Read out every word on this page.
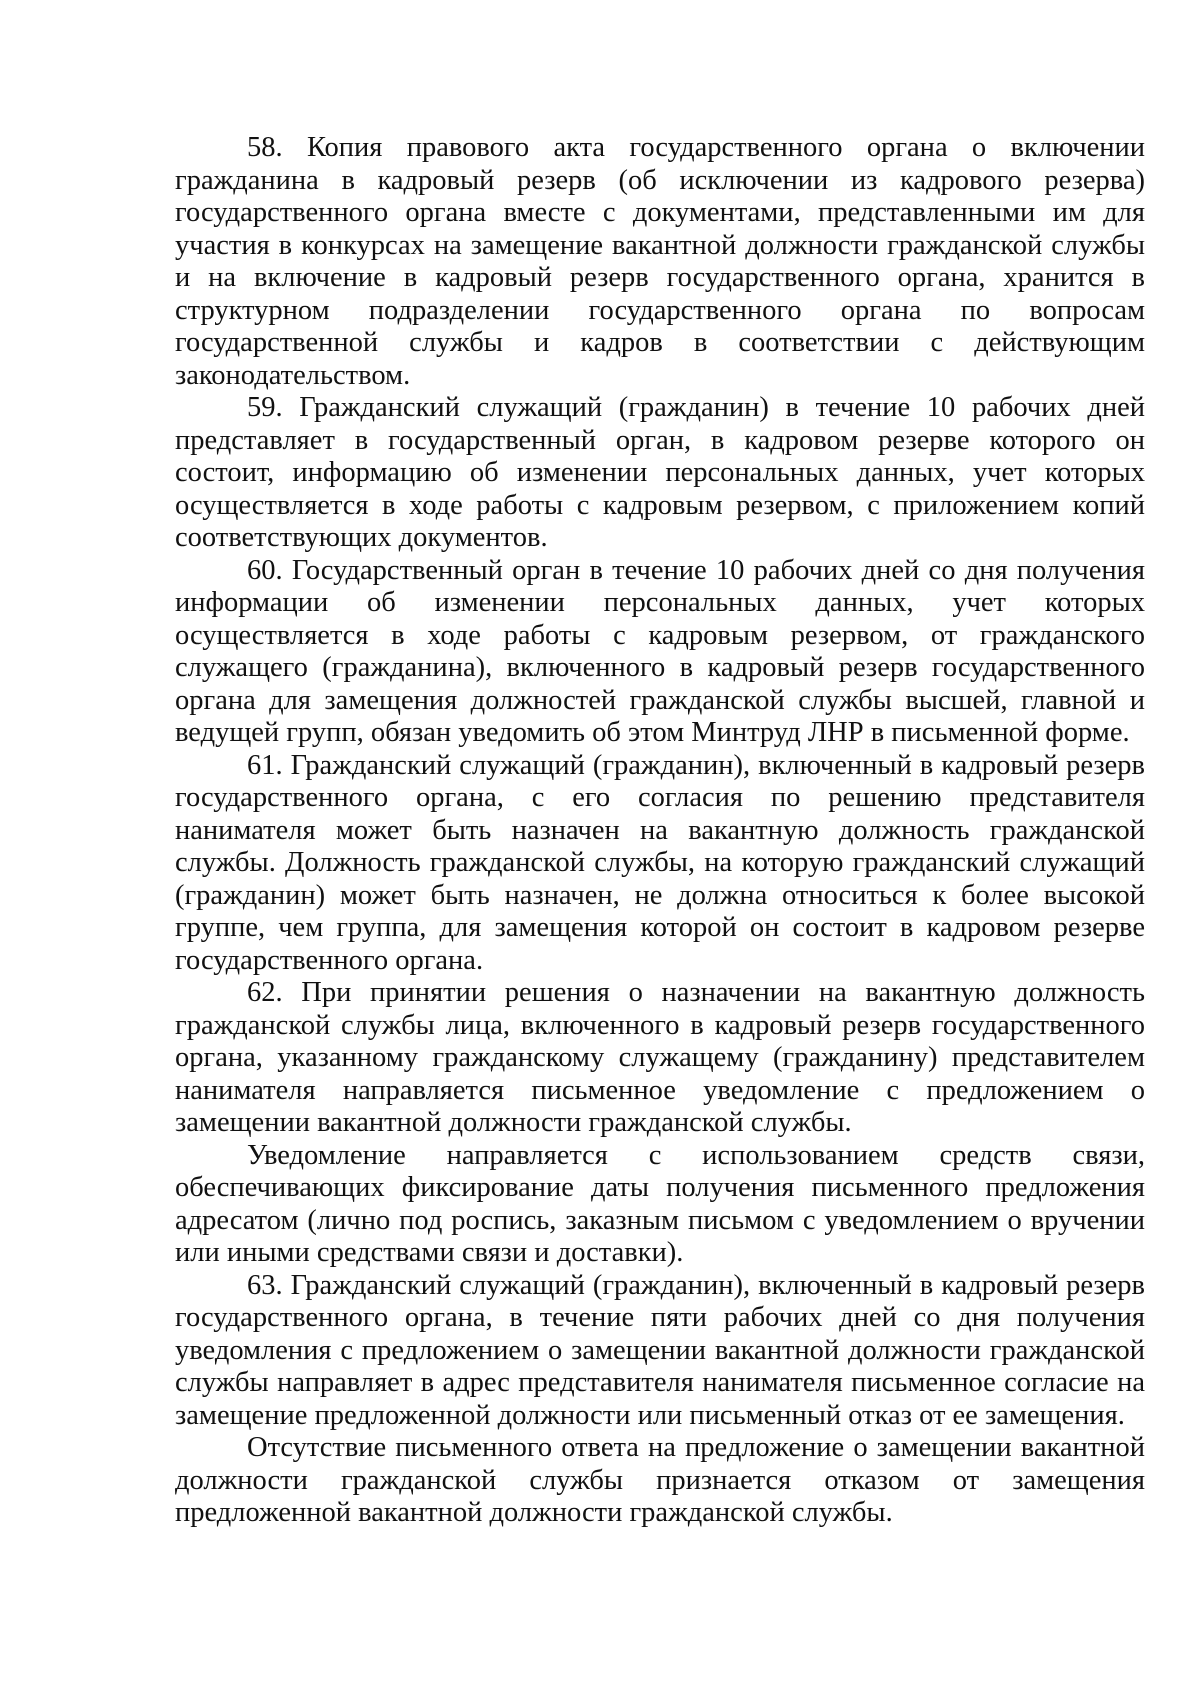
58. Копия правового акта государственного органа о включении гражданина в кадровый резерв (об исключении из кадрового резерва) государственного органа вместе с документами, представленными им для участия в конкурсах на замещение вакантной должности гражданской службы и на включение в кадровый резерв государственного органа, хранится в структурном подразделении государственного органа по вопросам государственной службы и кадров в соответствии с действующим законодательством.

59. Гражданский служащий (гражданин) в течение 10 рабочих дней представляет в государственный орган, в кадровом резерве которого он состоит, информацию об изменении персональных данных, учет которых осуществляется в ходе работы с кадровым резервом, с приложением копий соответствующих документов.

60. Государственный орган в течение 10 рабочих дней со дня получения информации об изменении персональных данных, учет которых осуществляется в ходе работы с кадровым резервом, от гражданского служащего (гражданина), включенного в кадровый резерв государственного органа для замещения должностей гражданской службы высшей, главной и ведущей групп, обязан уведомить об этом Минтруд ЛНР в письменной форме.

61. Гражданский служащий (гражданин), включенный в кадровый резерв государственного органа, с его согласия по решению представителя нанимателя может быть назначен на вакантную должность гражданской службы. Должность гражданской службы, на которую гражданский служащий (гражданин) может быть назначен, не должна относиться к более высокой группе, чем группа, для замещения которой он состоит в кадровом резерве государственного органа.

62. При принятии решения о назначении на вакантную должность гражданской службы лица, включенного в кадровый резерв государственного органа, указанному гражданскому служащему (гражданину) представителем нанимателя направляется письменное уведомление с предложением о замещении вакантной должности гражданской службы.

Уведомление направляется с использованием средств связи, обеспечивающих фиксирование даты получения письменного предложения адресатом (лично под роспись, заказным письмом с уведомлением о вручении или иными средствами связи и доставки).

63. Гражданский служащий (гражданин), включенный в кадровый резерв государственного органа, в течение пяти рабочих дней со дня получения уведомления с предложением о замещении вакантной должности гражданской службы направляет в адрес представителя нанимателя письменное согласие на замещение предложенной должности или письменный отказ от ее замещения.

Отсутствие письменного ответа на предложение о замещении вакантной должности гражданской службы признается отказом от замещения предложенной вакантной должности гражданской службы.
